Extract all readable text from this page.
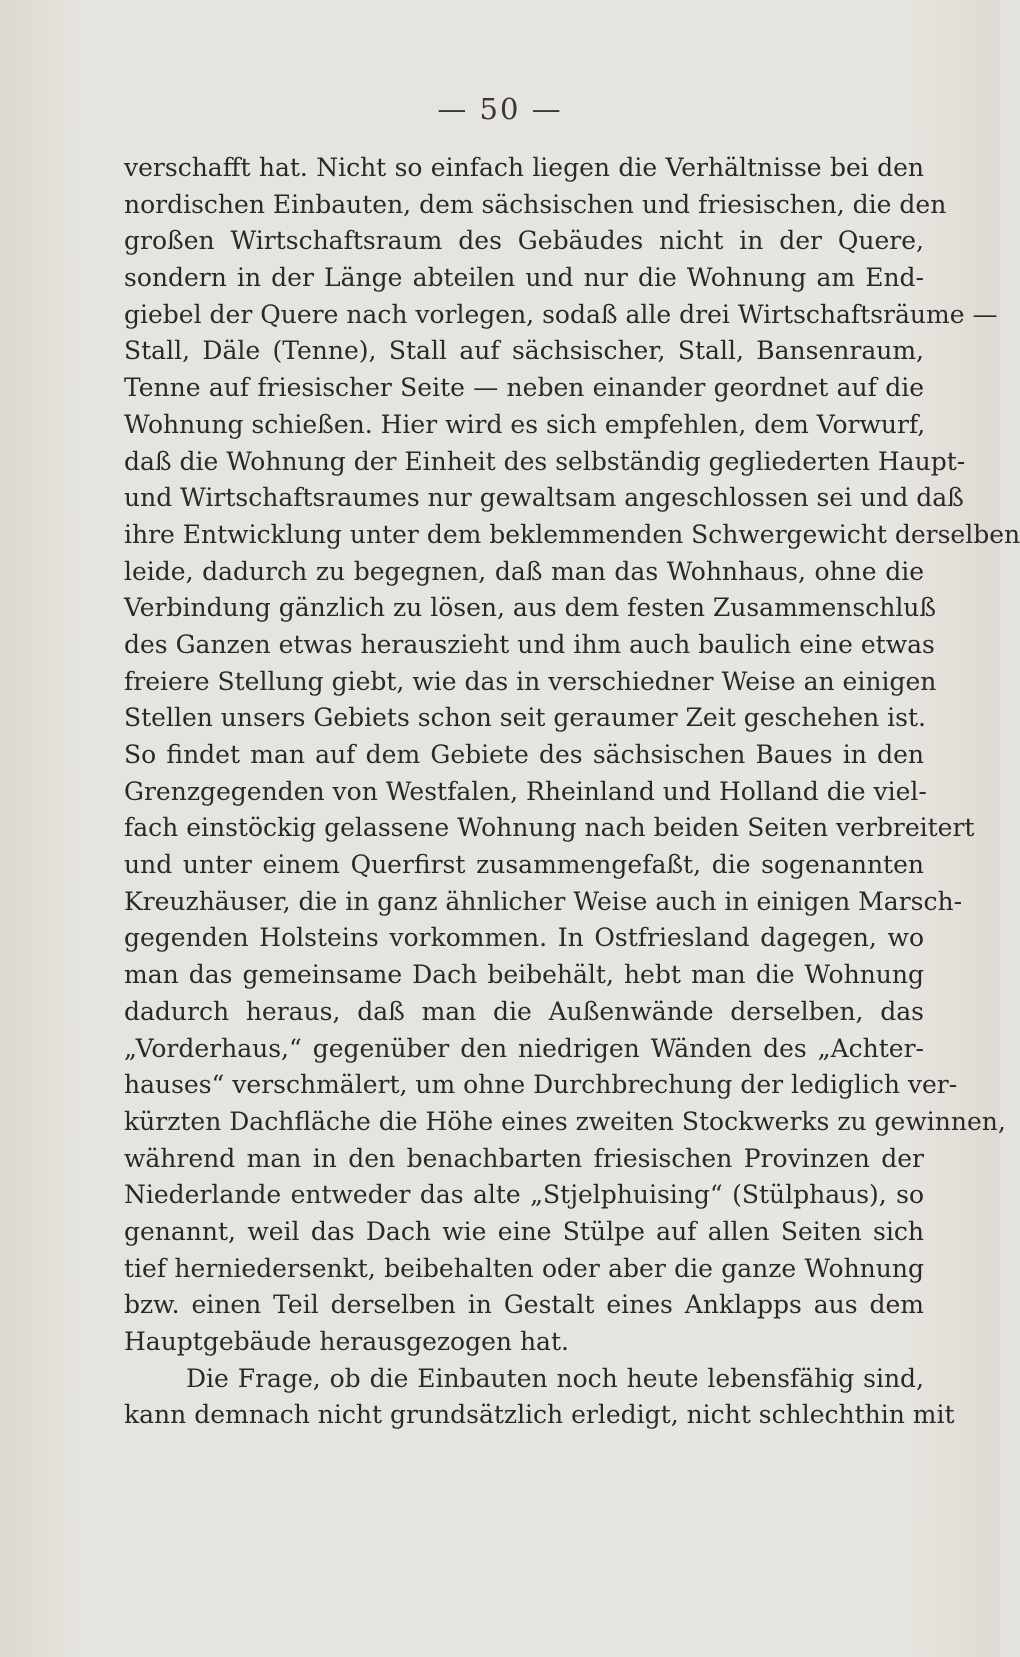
— 50 —
verschafft hat. Nicht so einfach liegen die Verhältnisse bei den
nordischen Einbauten, dem sächsischen und friesischen, die den
großen Wirtschaftsraum des Gebäudes nicht in der Quere,
sondern in der Länge abteilen und nur die Wohnung am End-
giebel der Quere nach vorlegen, sodaß alle drei Wirtschaftsräume —
Stall, Däle (Tenne), Stall auf sächsischer, Stall, Bansenraum,
Tenne auf friesischer Seite — neben einander geordnet auf die
Wohnung schießen. Hier wird es sich empfehlen, dem Vorwurf,
daß die Wohnung der Einheit des selbständig gegliederten Haupt-
und Wirtschaftsraumes nur gewaltsam angeschlossen sei und daß
ihre Entwicklung unter dem beklemmenden Schwergewicht derselben
leide, dadurch zu begegnen, daß man das Wohnhaus, ohne die
Verbindung gänzlich zu lösen, aus dem festen Zusammenschluß
des Ganzen etwas herauszieht und ihm auch baulich eine etwas
freiere Stellung giebt, wie das in verschiedner Weise an einigen
Stellen unsers Gebiets schon seit geraumer Zeit geschehen ist.
So findet man auf dem Gebiete des sächsischen Baues in den
Grenzgegenden von Westfalen, Rheinland und Holland die viel-
fach einstöckig gelassene Wohnung nach beiden Seiten verbreitert
und unter einem Querfirst zusammengefaßt, die sogenannten
Kreuzhäuser, die in ganz ähnlicher Weise auch in einigen Marsch-
gegenden Holsteins vorkommen. In Ostfriesland dagegen, wo
man das gemeinsame Dach beibehält, hebt man die Wohnung
dadurch heraus, daß man die Außenwände derselben, das
„Vorderhaus,“ gegenüber den niedrigen Wänden des „Achter-
hauses“ verschmälert, um ohne Durchbrechung der lediglich ver-
kürzten Dachfläche die Höhe eines zweiten Stockwerks zu gewinnen,
während man in den benachbarten friesischen Provinzen der
Niederlande entweder das alte „Stjelphuising“ (Stülphaus), so
genannt, weil das Dach wie eine Stülpe auf allen Seiten sich
tief herniedersenkt, beibehalten oder aber die ganze Wohnung
bzw. einen Teil derselben in Gestalt eines Anklapps aus dem
Hauptgebäude herausgezogen hat.
Die Frage, ob die Einbauten noch heute lebensfähig sind,
kann demnach nicht grundsätzlich erledigt, nicht schlechthin mit
